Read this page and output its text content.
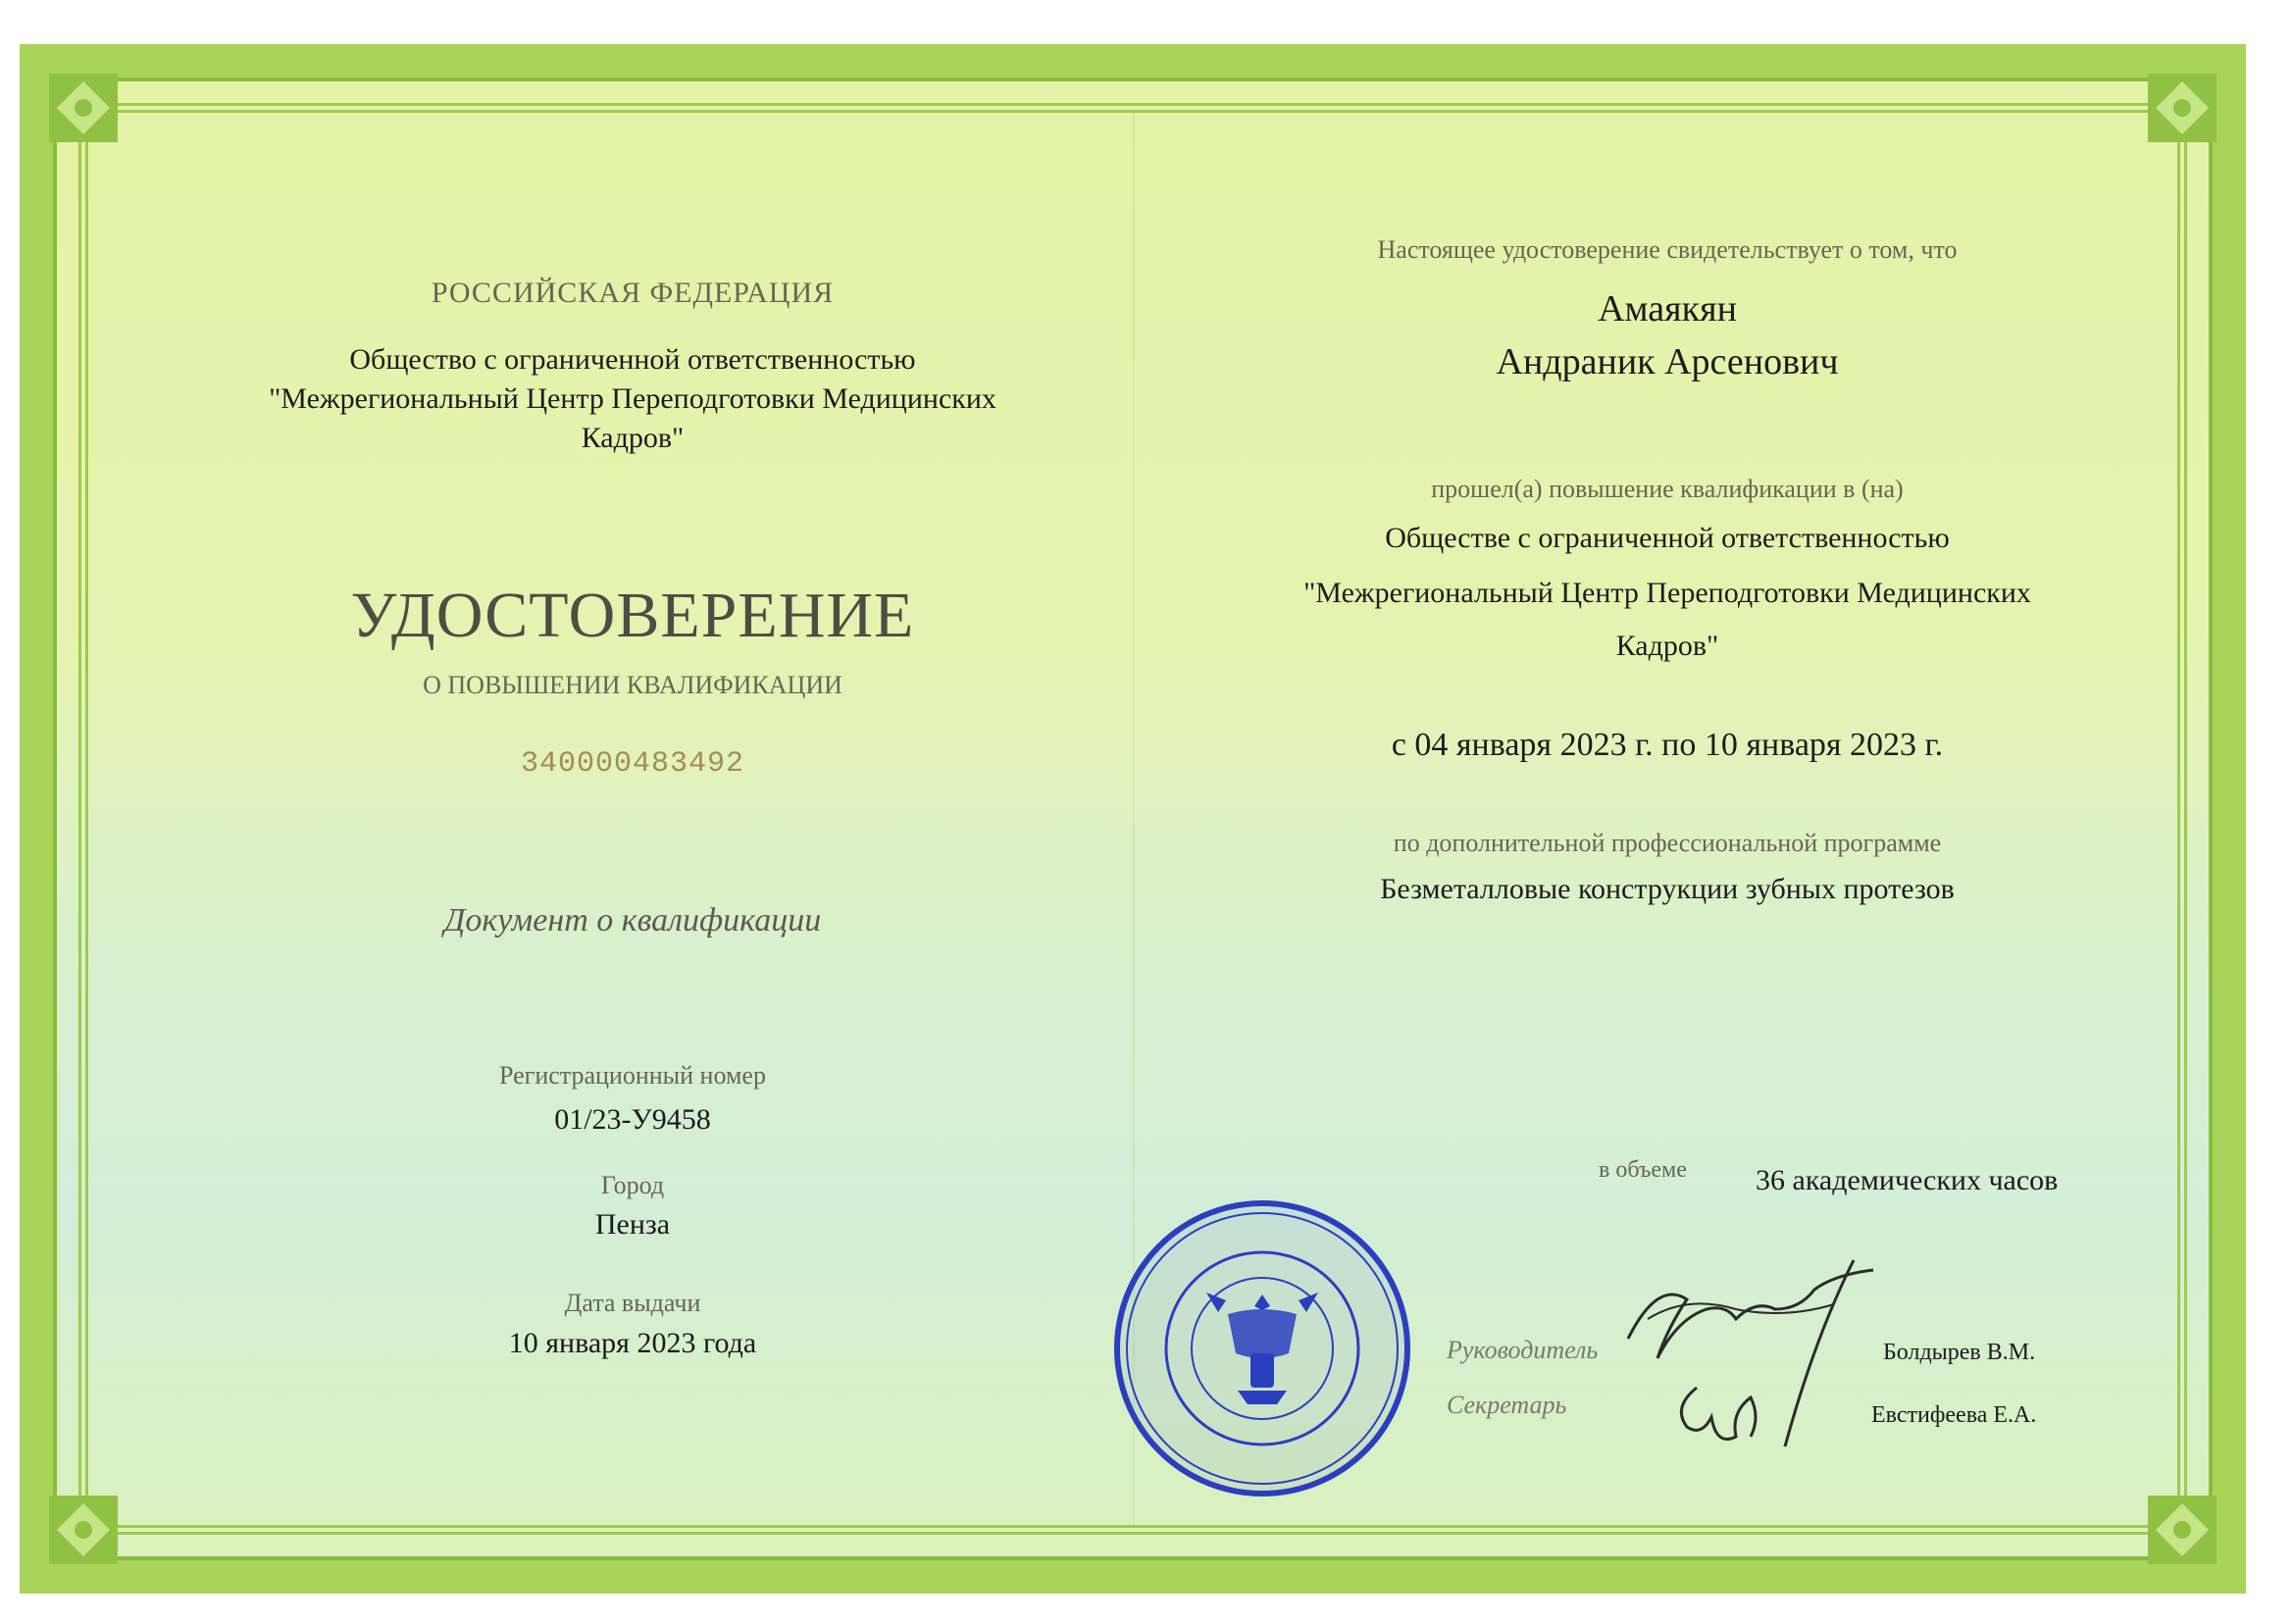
РОССИЙСКАЯ ФЕДЕРАЦИЯ
Общество с ограниченной ответственностью "Межрегиональный Центр Переподготовки Медицинских Кадров"
УДОСТОВЕРЕНИЕ
О ПОВЫШЕНИИ КВАЛИФИКАЦИИ
340000483492
Документ о квалификации
Регистрационный номер
01/23-У9458
Город
Пенза
Дата выдачи
10 января 2023 года
Настоящее удостоверение свидетельствует о том, что
Амаякян
Андраник Арсенович
прошел(а) повышение квалификации в (на)
Обществе с ограниченной ответственностью
"Межрегиональный Центр Переподготовки Медицинских
Кадров"
с 04 января 2023 г. по 10 января 2023 г.
по дополнительной профессиональной программе
Безметалловые конструкции зубных протезов
в объеме 36 академических часов
Руководитель
Секретарь
Болдырев В.М.
Евстифеева Е.А.
